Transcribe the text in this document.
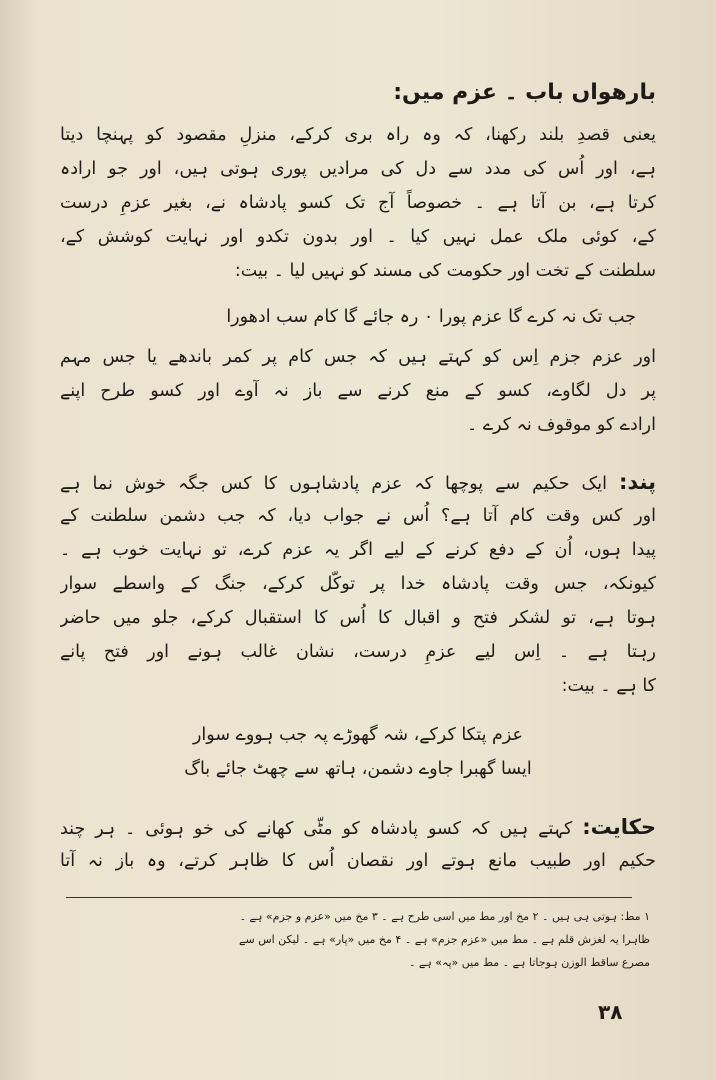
بارھواں باب ۔ عزم میں:
یعنی قصدِ بلند رکھنا، کہ وہ راہ بری کرکے، منزلِ مقصود کو پہنچا دیتا
ہے، اور اُس کی مدد سے دل کی مرادیں پوری ہوتی ہیں، اور جو ارادہ
کرتا ہے، بن آتا ہے ۔ خصوصاً آج تک کسو پادشاہ نے، بغیر عزمِ درست
کے، کوئی ملک عمل نہیں کیا ۔ اور بدون تکدو اور نہایت کوشش کے،
سلطنت کے تخت اور حکومت کی مسند کو نہیں لیا ۔ بیت:
جب تک نہ کرے گا عزم پورا ۰ رہ جائے گا کام سب ادھورا
اور عزم جزم اِس کو کہتے ہیں کہ جس کام پر کمر باندھے یا جس مہم
پر دل لگاوے، کسو کے منع کرنے سے باز نہ آوے اور کسو طرح اپنے
ارادے کو موقوف نہ کرے ۔
پند: ایک حکیم سے پوچھا کہ عزم پادشاہوں کا کس جگہ خوش نما ہے
اور کس وقت کام آتا ہے؟ اُس نے جواب دیا، کہ جب دشمن سلطنت کے
پیدا ہوں، اُن کے دفع کرنے کے لیے اگر یہ عزم کرے، تو نہایت خوب ہے ۔
کیونکہ، جس وقت پادشاہ خدا پر توکّل کرکے، جنگ کے واسطے سوار
ہوتا ہے، تو لشکر فتح و اقبال کا اُس کا استقبال کرکے، جلو میں حاضر
رہتا ہے ۔ اِس لیے عزمِ درست، نشان غالب ہونے اور فتح پانے
کا ہے ۔ بیت:
عزم پتکا کرکے، شہ گھوڑے پہ جب ہووے سوار
ایسا گھبرا جاوے دشمن، ہاتھ سے چھٹ جائے باگ
حکایت: کہتے ہیں کہ کسو پادشاہ کو مٹّی کھانے کی خو ہوئی ۔ ہر چند
حکیم اور طبیب مانع ہوتے اور نقصان اُس کا ظاہر کرتے، وہ باز نہ آتا
۱ مط: ہوتی ہی ہیں ۔ ۲ مخ اور مط میں اسی طرح ہے ۔ ۳ مخ میں «عزم و جزم» ہے ۔
ظاہرا یہ لغزش قلم ہے ۔ مط میں «عزم جزم» ہے ۔ ۴ مخ میں «پار» ہے ۔ لیکن اس سے
مصرع ساقط الوزن ہوجاتا ہے ۔ مط میں «پہ» ہے ۔
۳۸
